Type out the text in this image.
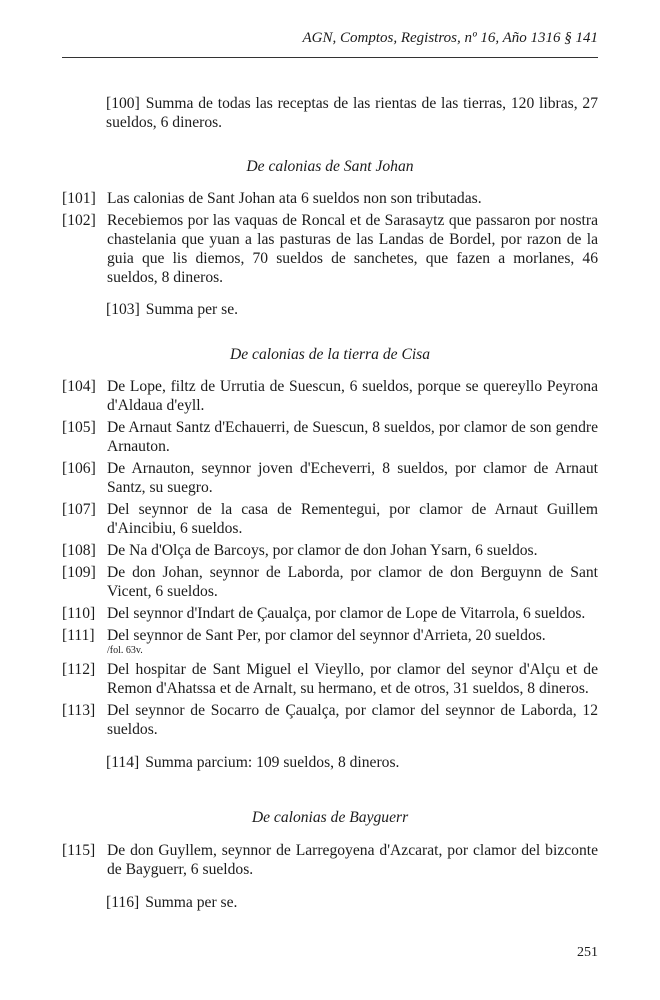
AGN, Comptos, Registros, nº 16, Año 1316 § 141
[100] Summa de todas las receptas de las rientas de las tierras, 120 libras, 27 sueldos, 6 dineros.
De calonias de Sant Johan
[101] Las calonias de Sant Johan ata 6 sueldos non son tributadas.
[102] Recebiemos por las vaquas de Roncal et de Sarasaytz que passaron por nostra chastelania que yuan a las pasturas de las Landas de Bordel, por razon de la guia que lis diemos, 70 sueldos de sanchetes, que fazen a morlanes, 46 sueldos, 8 dineros.
[103] Summa per se.
De calonias de la tierra de Cisa
[104] De Lope, filtz de Urrutia de Suescun, 6 sueldos, porque se quereyllo Peyrona d'Aldaua d'eyll.
[105] De Arnaut Santz d'Echauerri, de Suescun, 8 sueldos, por clamor de son gendre Arnauton.
[106] De Arnauton, seynnor joven d'Echeverri, 8 sueldos, por clamor de Arnaut Santz, su suegro.
[107] Del seynnor de la casa de Rementegui, por clamor de Arnaut Guillem d'Aincibiu, 6 sueldos.
[108] De Na d'Olça de Barcoys, por clamor de don Johan Ysarn, 6 sueldos.
[109] De don Johan, seynnor de Laborda, por clamor de don Berguynn de Sant Vicent, 6 sueldos.
[110] Del seynnor d'Indart de Çaualça, por clamor de Lope de Vitarrola, 6 sueldos.
[111] Del seynnor de Sant Per, por clamor del seynnor d'Arrieta, 20 sueldos.
/fol. 63v.
[112] Del hospitar de Sant Miguel el Vieyllo, por clamor del seynor d'Alçu et de Remon d'Ahatssa et de Arnalt, su hermano, et de otros, 31 sueldos, 8 dineros.
[113] Del seynnor de Socarro de Çaualça, por clamor del seynnor de Laborda, 12 sueldos.
[114] Summa parcium: 109 sueldos, 8 dineros.
De calonias de Bayguerr
[115] De don Guyllem, seynnor de Larregoyena d'Azcarat, por clamor del bizconte de Bayguerr, 6 sueldos.
[116] Summa per se.
251
